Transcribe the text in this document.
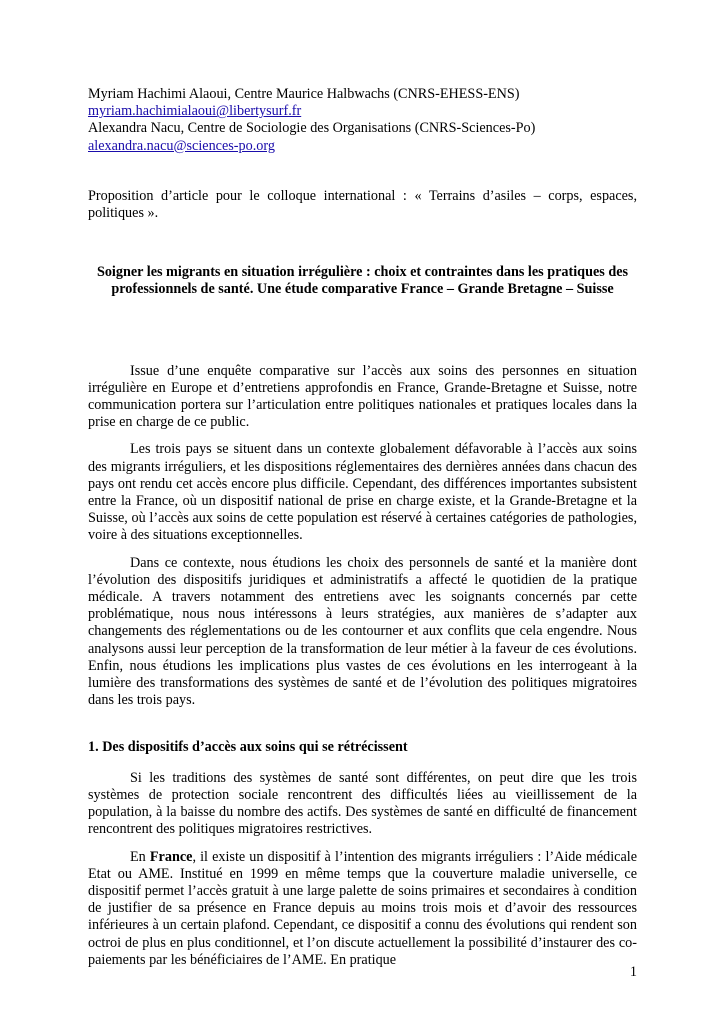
Myriam Hachimi Alaoui, Centre Maurice Halbwachs (CNRS-EHESS-ENS)
myriam.hachimialaoui@libertysurf.fr
Alexandra Nacu, Centre de Sociologie des Organisations (CNRS-Sciences-Po)
alexandra.nacu@sciences-po.org
Proposition d’article pour le colloque international : « Terrains d’asiles – corps, espaces, politiques ».
Soigner les migrants en situation irrégulière : choix et contraintes dans les pratiques des professionnels de santé. Une étude comparative France – Grande Bretagne – Suisse

Issue d’une enquête comparative sur l’accès aux soins des personnes en situation irrégulière en Europe et d’entretiens approfondis en France, Grande-Bretagne et Suisse, notre communication portera sur l’articulation entre politiques nationales et pratiques locales dans la prise en charge de ce public.

Les trois pays se situent dans un contexte globalement défavorable à l’accès aux soins des migrants irréguliers, et les dispositions réglementaires des dernières années dans chacun des pays ont rendu cet accès encore plus difficile. Cependant, des différences importantes subsistent entre la France, où un dispositif national de prise en charge existe, et la Grande-Bretagne et la Suisse, où l’accès aux soins de cette population est réservé à certaines catégories de pathologies, voire à des situations exceptionnelles.

Dans ce contexte, nous étudions les choix des personnels de santé et la manière dont l’évolution des dispositifs juridiques et administratifs a affecté le quotidien de la pratique médicale. A travers notamment des entretiens avec les soignants concernés par cette problématique, nous nous intéressons à leurs stratégies, aux manières de s’adapter aux changements des réglementations ou de les contourner et aux conflits que cela engendre. Nous analysons aussi leur perception de la transformation de leur métier à la faveur de ces évolutions. Enfin, nous étudions les implications plus vastes de ces évolutions en les interrogeant à la lumière des transformations des systèmes de santé et de l’évolution des politiques migratoires dans les trois pays.

1. Des dispositifs d’accès aux soins qui se rétrécissent

Si les traditions des systèmes de santé sont différentes, on peut dire que les trois systèmes de protection sociale rencontrent des difficultés liées au vieillissement de la population, à la baisse du nombre des actifs. Des systèmes de santé en difficulté de financement rencontrent des politiques migratoires restrictives.

En France, il existe un dispositif à l’intention des migrants irréguliers : l’Aide médicale Etat ou AME. Institué en 1999 en même temps que la couverture maladie universelle, ce dispositif permet l’accès gratuit à une large palette de soins primaires et secondaires à condition de justifier de sa présence en France depuis au moins trois mois et d’avoir des ressources inférieures à un certain plafond. Cependant, ce dispositif a connu des évolutions qui rendent son octroi de plus en plus conditionnel, et l’on discute actuellement la possibilité d’instaurer des co-paiements par les bénéficiaires de l’AME. En pratique

1
